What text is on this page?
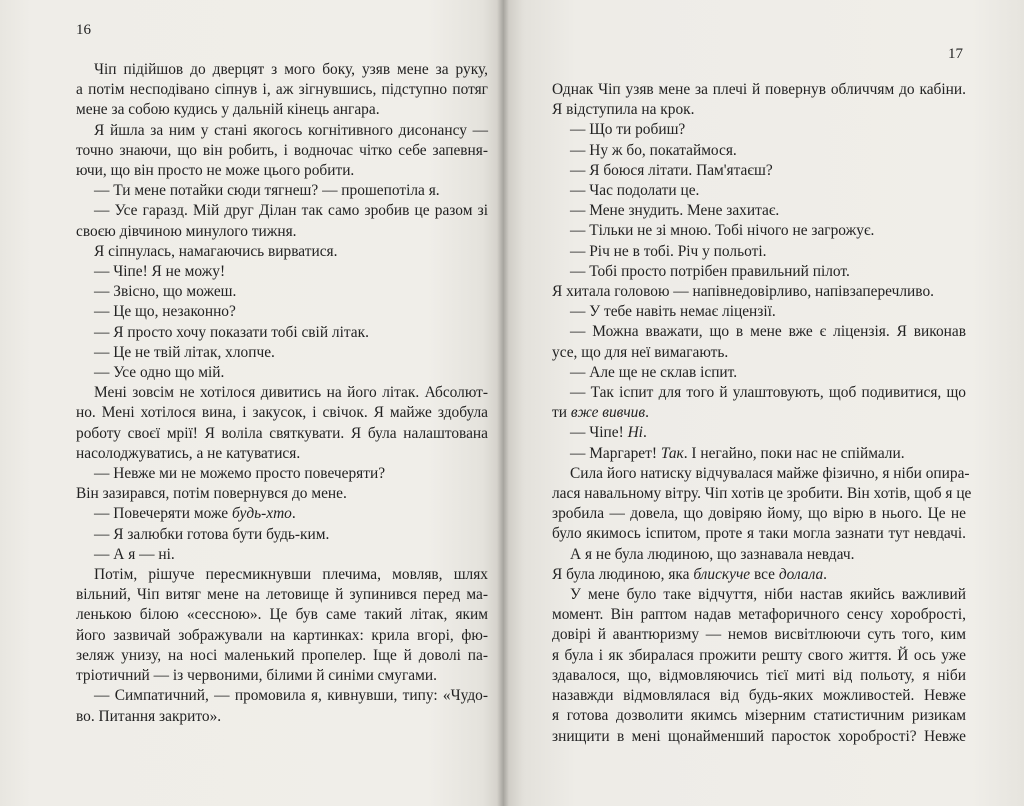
16
Чіп підійшов до дверцят з мого боку, узяв мене за руку,
а потім несподівано сіпнув і, аж зігнувшись, підступно потяг
мене за собою кудись у дальній кінець ангара.
Я йшла за ним у стані якогось когнітивного дисонансу —
точно знаючи, що він робить, і водночас чітко себе запевня-
ючи, що він просто не може цього робити.
— Ти мене потайки сюди тягнеш? — прошепотіла я.
— Усе гаразд. Мій друг Ділан так само зробив це разом зі
своєю дівчиною минулого тижня.
Я сіпнулась, намагаючись вирватися.
— Чіпе! Я не можу!
— Звісно, що можеш.
— Це що, незаконно?
— Я просто хочу показати тобі свій літак.
— Це не твій літак, хлопче.
— Усе одно що мій.
Мені зовсім не хотілося дивитись на його літак. Абсолют-
но. Мені хотілося вина, і закусок, і свічок. Я майже здобула
роботу своєї мрії! Я воліла святкувати. Я була налаштована
насолоджуватись, а не катуватися.
— Невже ми не можемо просто повечеряти?
Він зазирався, потім повернувся до мене.
— Повечеряти може будь-хто.
— Я залюбки готова бути будь-ким.
— А я — ні.
Потім, рішуче пересмикнувши плечима, мовляв, шлях
вільний, Чіп витяг мене на летовище й зупинився перед ма-
ленькою білою «сессною». Це був саме такий літак, яким
його зазвичай зображували на картинках: крила вгорі, фю-
зеляж унизу, на носі маленький пропелер. Іще й доволі па-
тріотичний — із червоними, білими й синіми смугами.
— Симпатичний, — промовила я, кивнувши, типу: «Чудо-
во. Питання закрито».
17
Однак Чіп узяв мене за плечі й повернув обличчям до кабіни.
Я відступила на крок.
— Що ти робиш?
— Ну ж бо, покатаймося.
— Я боюся літати. Пам'ятаєш?
— Час подолати це.
— Мене знудить. Мене захитає.
— Тільки не зі мною. Тобі нічого не загрожує.
— Річ не в тобі. Річ у польоті.
— Тобі просто потрібен правильний пілот.
Я хитала головою — напівнедовірливо, напівзаперечливо.
— У тебе навіть немає ліцензії.
— Можна вважати, що в мене вже є ліцензія. Я виконав
усе, що для неї вимагають.
— Але ще не склав іспит.
— Так іспит для того й улаштовують, щоб подивитися, що
ти вже вивчив.
— Чіпе! Ні.
— Маргарет! Так. І негайно, поки нас не спіймали.
Сила його натиску відчувалася майже фізично, я ніби опира-
лася навальному вітру. Чіп хотів це зробити. Він хотів, щоб я це
зробила — довела, що довіряю йому, що вірю в нього. Це не
було якимось іспитом, проте я таки могла зазнати тут невдачі.
А я не була людиною, що зазнавала невдач.
Я була людиною, яка блискуче все долала.
У мене було таке відчуття, ніби настав якийсь важливий
момент. Він раптом надав метафоричного сенсу хоробрості,
довірі й авантюризму — немов висвітлюючи суть того, ким
я була і як збиралася прожити решту свого життя. Й ось уже
здавалося, що, відмовляючись тієї миті від польоту, я ніби
назавжди відмовлялася від будь-яких можливостей. Невже
я готова дозволити якимсь мізерним статистичним ризикам
знищити в мені щонайменший паросток хоробрості? Невже
